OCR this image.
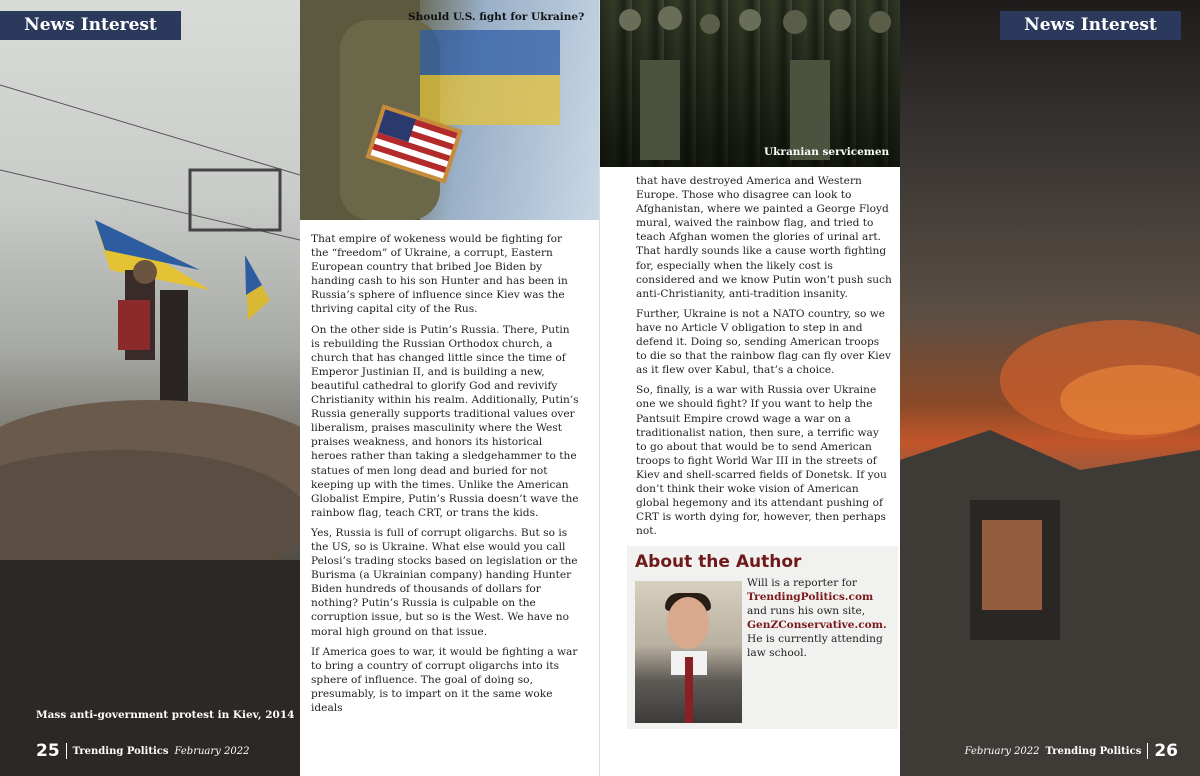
News Interest
Mass anti-government protest in Kiev, 2014
25 Trending Politics February 2022
Should U.S. fight for Ukraine?
Ukranian servicemen

That empire of wokeness would be fighting for the “freedom” of Ukraine, a corrupt, Eastern European country that bribed Joe Biden by handing cash to his son Hunter and has been in Russia’s sphere of influence since Kiev was the thriving capital city of the Rus.

On the other side is Putin’s Russia. There, Putin is rebuilding the Russian Orthodox church, a church that has changed little since the time of Emperor Justinian II, and is building a new, beautiful cathedral to glorify God and revivify Christianity within his realm. Additionally, Putin’s Russia generally supports traditional values over liberalism, praises masculinity where the West praises weakness, and honors its historical heroes rather than taking a sledgehammer to the statues of men long dead and buried for not keeping up with the times. Unlike the American Globalist Empire, Putin’s Russia doesn’t wave the rainbow flag, teach CRT, or trans the kids.

Yes, Russia is full of corrupt oligarchs. But so is the US, so is Ukraine. What else would you call Pelosi’s trading stocks based on legislation or the Burisma (a Ukrainian company) handing Hunter Biden hundreds of thousands of dollars for nothing? Putin’s Russia is culpable on the corruption issue, but so is the West. We have no moral high ground on that issue.

If America goes to war, it would be fighting a war to bring a country of corrupt oligarchs into its sphere of influence. The goal of doing so, presumably, is to impart on it the same woke ideals

that have destroyed America and Western Europe. Those who disagree can look to Afghanistan, where we painted a George Floyd mural, waived the rainbow flag, and tried to teach Afghan women the glories of urinal art. That hardly sounds like a cause worth fighting for, especially when the likely cost is considered and we know Putin won’t push such anti-Christianity, anti-tradition insanity.

Further, Ukraine is not a NATO country, so we have no Article V obligation to step in and defend it. Doing so, sending American troops to die so that the rainbow flag can fly over Kiev as it flew over Kabul, that’s a choice.

So, finally, is a war with Russia over Ukraine one we should fight? If you want to help the Pantsuit Empire crowd wage a war on a traditionalist nation, then sure, a terrific way to go about that would be to send American troops to fight World War III in the streets of Kiev and shell-scarred fields of Donetsk. If you don’t think their woke vision of American global hegemony and its attendant pushing of CRT is worth dying for, however, then perhaps not.

About the Author
Will is a reporter for TrendingPolitics.com and runs his own site, GenZConservative.com. He is currently attending law school.
News Interest
February 2022 Trending Politics 26
